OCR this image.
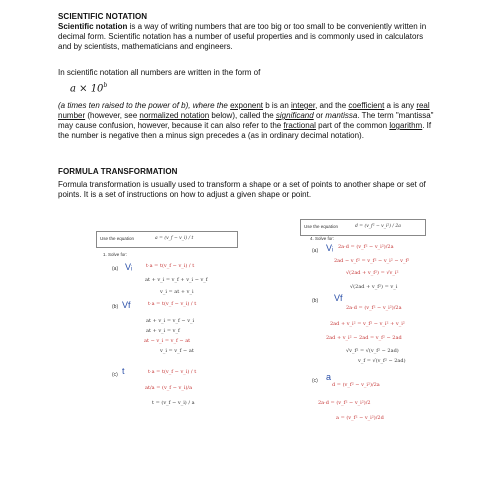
SCIENTIFIC NOTATION
Scientific notation is a way of writing numbers that are too big or too small to be conveniently written in decimal form. Scientific notation has a number of useful properties and is commonly used in calculators and by scientists, mathematicians and engineers.
In scientific notation all numbers are written in the form of
$a \times 10^b$
(a times ten raised to the power of b), where the exponent b is an integer, and the coefficient a is any real number (however, see normalized notation below), called the significand or mantissa. The term "mantissa" may cause confusion, however, because it can also refer to the fractional part of the common logarithm. If the number is negative then a minus sign precedes a (as in ordinary decimal notation).
FORMULA TRANSFORMATION
Formula transformation is usually used to transform a shape or a set of points to another shape or set of points. It is a set of instructions on how to adjust a given shape or point.
Use the equation	a = (v_f − v_i) / t
1. Solve for:
(a) Vᵢ	t·a = t(v_f − v_i) / t
at + v_i = v_f + v_i − v_f
v_i = at + v_i
(b) Vf	t·a = t(v_f − v_i) / t
at + v_i = v_f − v_i
at + v_i = v_f
at − v_i = v_f − at
v_i = v_f − at
(c) t	t·a = t(v_f − v_i) / t
at/a = (v_f − v_i)/a
t = (v_f − v_i) / a
Use the equation	d = (v_f² − v_i²) / 2a
4. Solve for:
(a) Vᵢ 2a·d = (v_f² − v_i²)/2a
2ad − v_f² = v_f² − v_i² − v_f²
√(2ad + v_f²) = √v_i²
√(2ad + v_f²) = v_i
(b) Vf
2a·d = (v_f² − v_i²)/2a
2ad + v_i² = v_f² − v_i² + v_i²
2ad + v_i² − 2ad = v_f² − 2ad
√v_f² = √(v_f² − 2ad)
v_f = √(v_f² − 2ad)
(c) a
d = (v_f² − v_i²)/2a
2a·d = (v_f² − v_i²)/2
a = (v_f² − v_i²)/2d
